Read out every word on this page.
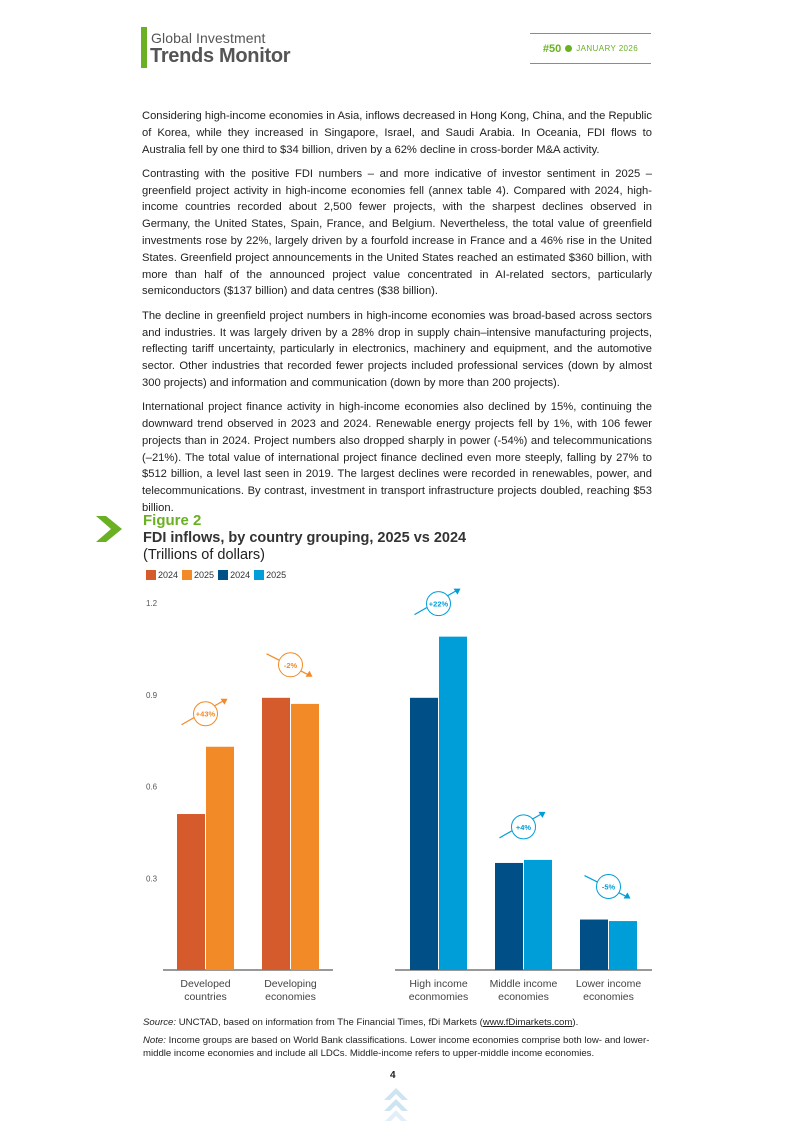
Global Investment
Trends Monitor	#50 JANUARY 2026

Considering high-income economies in Asia, inflows decreased in Hong Kong, China, and the Republic of Korea, while they increased in Singapore, Israel, and Saudi Arabia. In Oceania, FDI flows to Australia fell by one third to $34 billion, driven by a 62% decline in cross-border M&A activity.

Contrasting with the positive FDI numbers – and more indicative of investor sentiment in 2025 – greenfield project activity in high-income economies fell (annex table 4). Compared with 2024, high-income countries recorded about 2,500 fewer projects, with the sharpest declines observed in Germany, the United States, Spain, France, and Belgium. Nevertheless, the total value of greenfield investments rose by 22%, largely driven by a fourfold increase in France and a 46% rise in the United States. Greenfield project announcements in the United States reached an estimated $360 billion, with more than half of the announced project value concentrated in AI-related sectors, particularly semiconductors ($137 billion) and data centres ($38 billion).

The decline in greenfield project numbers in high-income economies was broad-based across sectors and industries. It was largely driven by a 28% drop in supply chain–intensive manufacturing projects, reflecting tariff uncertainty, particularly in electronics, machinery and equipment, and the automotive sector. Other industries that recorded fewer projects included professional services (down by almost 300 projects) and information and communication (down by more than 200 projects).

International project finance activity in high-income economies also declined by 15%, continuing the downward trend observed in 2023 and 2024. Renewable energy projects fell by 1%, with 106 fewer projects than in 2024. Project numbers also dropped sharply in power (-54%) and telecommunications (–21%). The total value of international project finance declined even more steeply, falling by 27% to $512 billion, a level last seen in 2019. The largest declines were recorded in renewables, power, and telecommunications. By contrast, investment in transport infrastructure projects doubled, reaching $53 billion.

Figure 2
FDI inflows, by country grouping, 2025 vs 2024
(Trillions of dollars)
2024 2025 2024 2025
1.2
0.9
0.6
0.3
Developed
countries
+43%
Developing
economies
-2%
High income
econmomies
+22%
Middle income
economies
+4%
Lower income
economies
-5%
Source: UNCTAD, based on information from The Financial Times, fDi Markets (www.fDimarkets.com).
Note: Income groups are based on World Bank classifications. Lower income economies comprise both low- and lower-middle income economies and include all LDCs. Middle-income refers to upper-middle income economies.
4
